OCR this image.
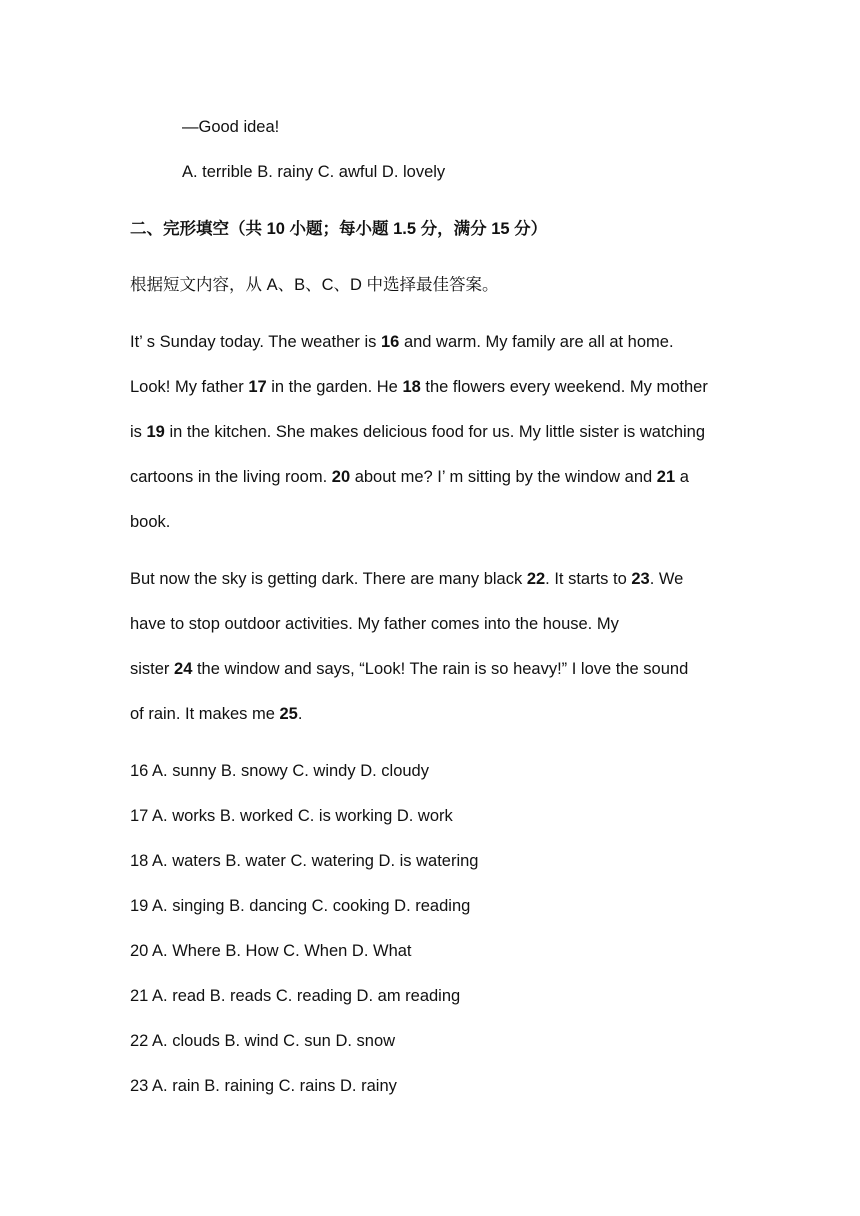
—Good idea!
A. terrible B. rainy C. awful D. lovely
二、完形填空（共 10 小题；每小题 1.5 分，满分 15 分）
根据短文内容，从 A、B、C、D 中选择最佳答案。
It’ s Sunday today. The weather is 16 and warm. My family are all at home.
Look! My father 17 in the garden. He 18 the flowers every weekend. My mother
is 19 in the kitchen. She makes delicious food for us. My little sister is watching
cartoons in the living room. 20 about me? I’ m sitting by the window and 21 a
book.
But now the sky is getting dark. There are many black 22. It starts to 23. We
have to stop outdoor activities. My father comes into the house. My
sister 24 the window and says, “Look! The rain is so heavy!” I love the sound
of rain. It makes me 25.
16 A. sunny B. snowy C. windy D. cloudy
17 A. works B. worked C. is working D. work
18 A. waters B. water C. watering D. is watering
19 A. singing B. dancing C. cooking D. reading
20 A. Where B. How C. When D. What
21 A. read B. reads C. reading D. am reading
22 A. clouds B. wind C. sun D. snow
23 A. rain B. raining C. rains D. rainy
